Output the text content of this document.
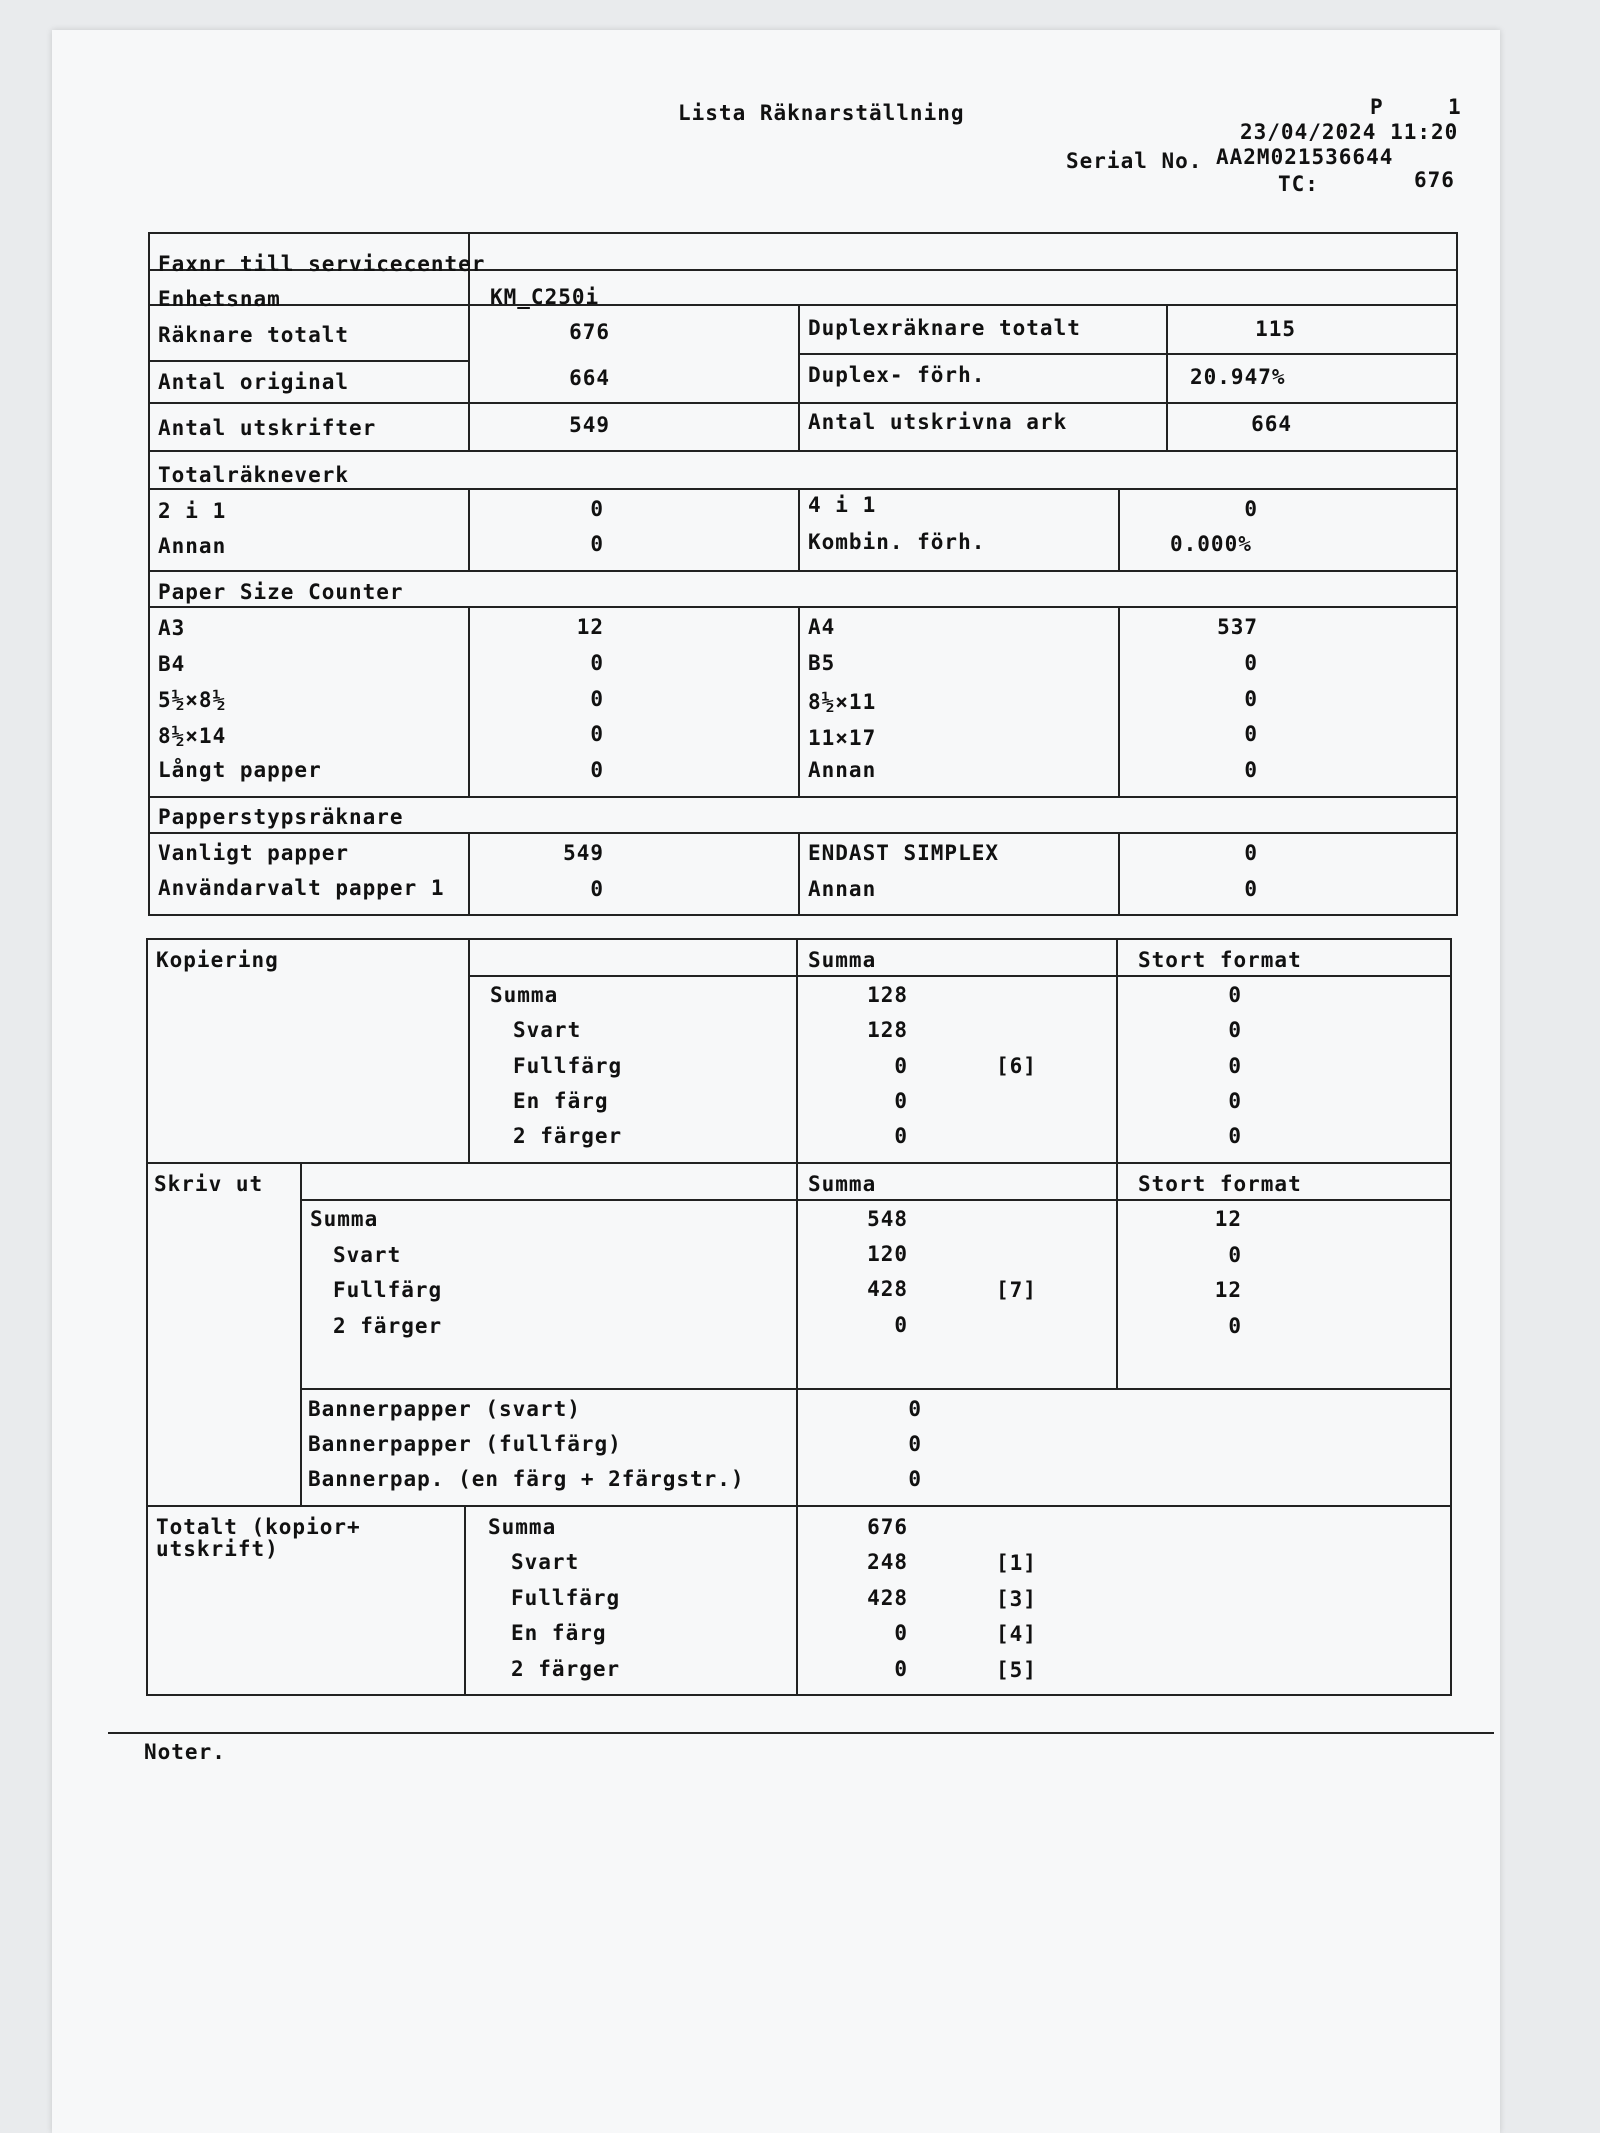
Lista Räknarställning	P	1
23/04/2024 11:20
Serial No. AA2M021536644
TC:	676
Faxnr till servicecenter
Enhetsnam	KM_C250i
Räknare totalt	676	Duplexräknare totalt	115
Antal original	664	Duplex- förh.	20.947%
Antal utskrifter	549	Antal utskrivna ark	664
Totalräkneverk
2 i 1	0	4 i 1	0
Annan	0	Kombin. förh.	0.000%
Paper Size Counter
A3	12	A4	537
B4	0	B5	0
5½×8½	0	8½×11	0
8½×14	0	11×17	0
Långt papper	0	Annan	0
Papperstypsräknare
Vanligt papper	549	ENDAST SIMPLEX	0
Användarvalt papper 1	0	Annan	0
Kopiering	Summa	Stort format
Summa	128	0
Svart	128	0
Fullfärg	0	[6]	0
En färg	0	0
2 färger	0	0
Skriv ut	Summa	Stort format
Summa	548	12
Svart	120	0
Fullfärg	428	[7]	12
2 färger	0	0
Bannerpapper (svart)	0
Bannerpapper (fullfärg)	0
Bannerpap. (en färg + 2färgstr.)	0
Totalt (kopior+
utskrift)
Summa	676
Svart	248	[1]
Fullfärg	428	[3]
En färg	0	[4]
2 färger	0	[5]
Noter.
